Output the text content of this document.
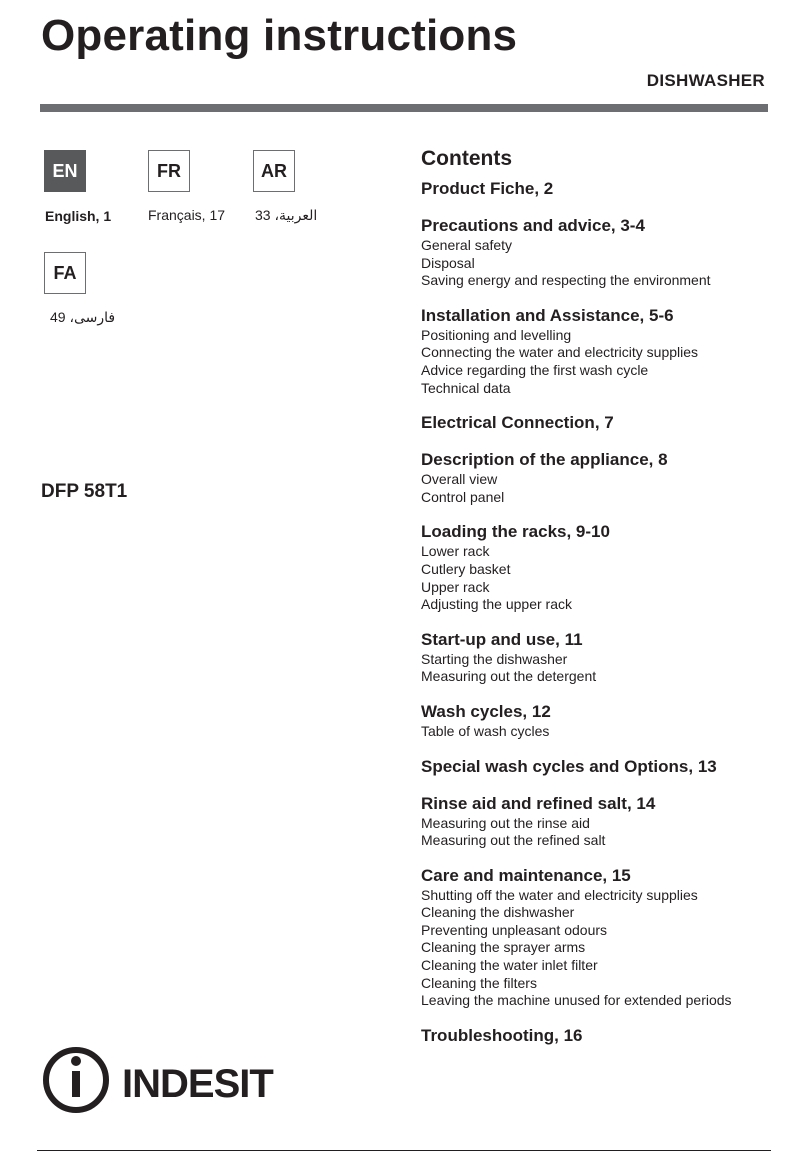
Operating instructions
DISHWASHER
EN
English, 1
FR
Français, 17
AR
العربية، 33
FA
فارسی، 49
DFP 58T1
Contents
Product Fiche, 2
Precautions and advice, 3-4
General safety
Disposal
Saving energy and respecting the environment
Installation and Assistance, 5-6
Positioning and levelling
Connecting the water and electricity supplies
Advice regarding the first wash cycle
Technical data
Electrical Connection, 7
Description of the appliance, 8
Overall view
Control panel
Loading the racks, 9-10
Lower rack
Cutlery basket
Upper rack
Adjusting the upper rack
Start-up and use, 11
Starting the dishwasher
Measuring out the detergent
Wash cycles, 12
Table of wash cycles
Special wash cycles and Options, 13
Rinse aid and refined salt, 14
Measuring out the rinse aid
Measuring out the refined salt
Care and maintenance, 15
Shutting off the water and electricity supplies
Cleaning the dishwasher
Preventing unpleasant odours
Cleaning the sprayer arms
Cleaning the water inlet filter
Cleaning the filters
Leaving the machine unused for extended periods
Troubleshooting, 16
INDESIT
